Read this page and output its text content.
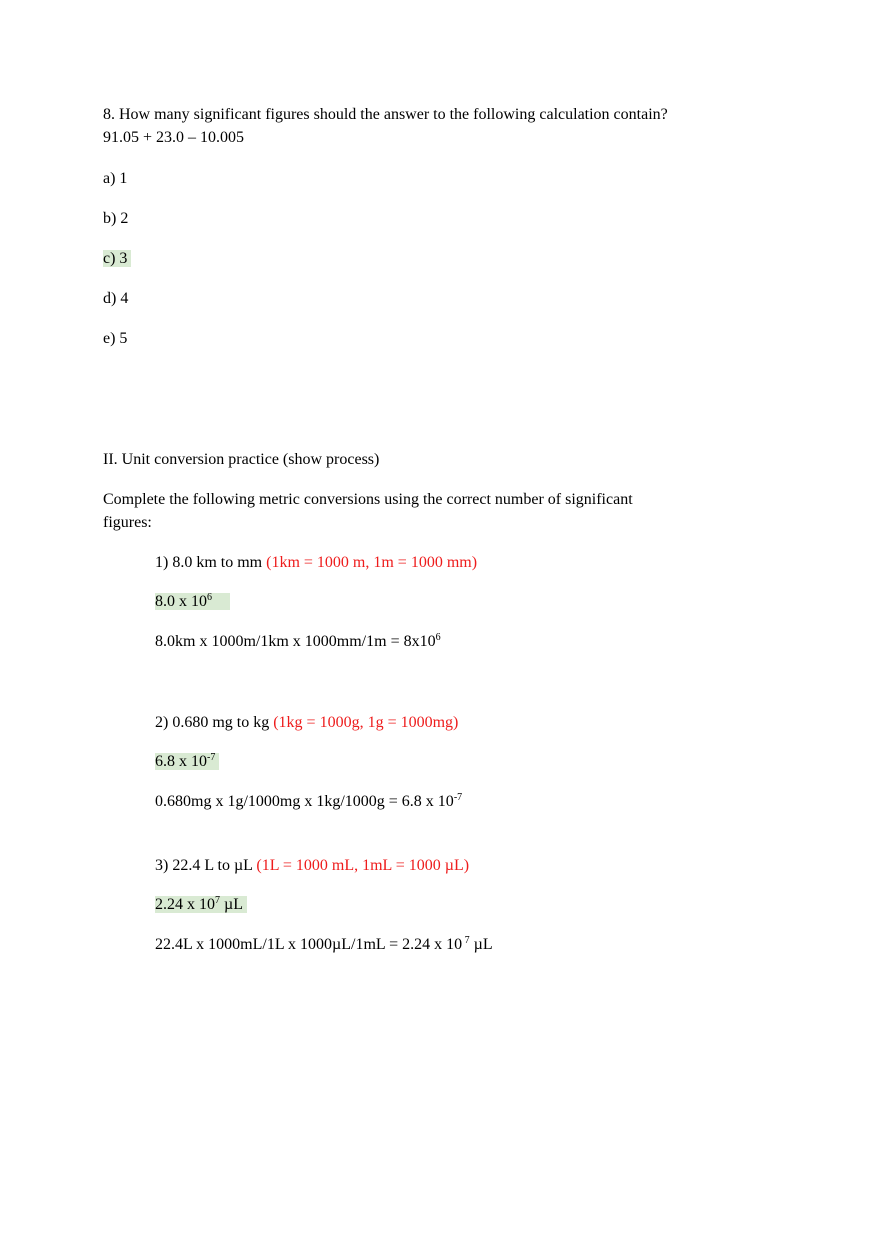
8. How many significant figures should the answer to the following calculation contain?
91.05 + 23.0 – 10.005
a) 1
b) 2
c) 3
d) 4
e) 5
II. Unit conversion practice (show process)
Complete the following metric conversions using the correct number of significant
figures:
1) 8.0 km to mm (1km = 1000 m, 1m = 1000 mm)
8.0 x $10^6$
8.0km x 1000m/1km x $1000mm/1m = 8x10^6$
2) 0.680 mg to kg (1kg = 1000g, 1g = 1000mg)
6.8 x $10^{-7}$
0.680mg x 1g/1000mg x 1kg/1000g = 6.8 x $10^{-7}$
3) 22.4 L to µL (1L = 1000 mL, 1mL = 1000 µL)
2.24 x $10^7$ µL
22.4L x 1000mL/1L x 1000µL/1mL = 2.24 x 10 $^7$ µL
